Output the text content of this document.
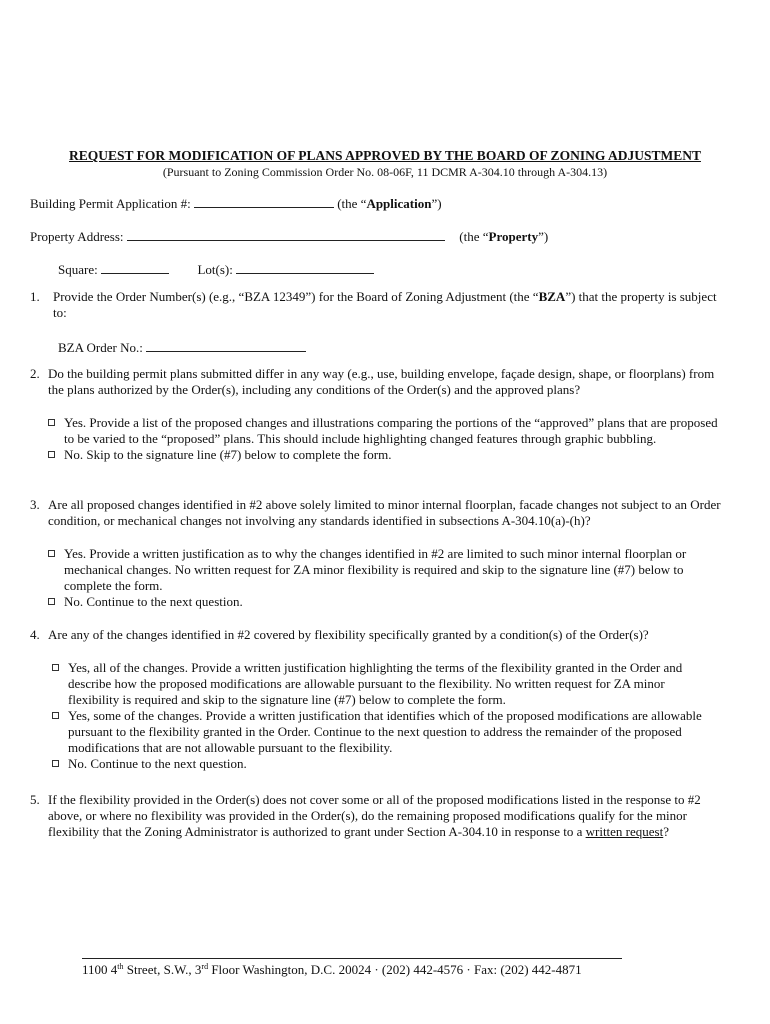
REQUEST FOR MODIFICATION OF PLANS APPROVED BY THE BOARD OF ZONING ADJUSTMENT
(Pursuant to Zoning Commission Order No. 08-06F, 11 DCMR A-304.10 through A-304.13)
Building Permit Application #:	(the “Application”)
Property Address:	(the “Property”)
Square:	Lot(s):
1. Provide the Order Number(s) (e.g., “BZA 12349”) for the Board of Zoning Adjustment (the “BZA”) that the property is subject to:
BZA Order No.:
2. Do the building permit plans submitted differ in any way (e.g., use, building envelope, façade design, shape, or floorplans) from the plans authorized by the Order(s), including any conditions of the Order(s) and the approved plans?
Yes. Provide a list of the proposed changes and illustrations comparing the portions of the “approved” plans that are proposed to be varied to the “proposed” plans. This should include highlighting changed features through graphic bubbling.
No. Skip to the signature line (#7) below to complete the form.
3. Are all proposed changes identified in #2 above solely limited to minor internal floorplan, facade changes not subject to an Order condition, or mechanical changes not involving any standards identified in subsections A-304.10(a)-(h)?
Yes. Provide a written justification as to why the changes identified in #2 are limited to such minor internal floorplan or mechanical changes. No written request for ZA minor flexibility is required and skip to the signature line (#7) below to complete the form.
No. Continue to the next question.
4. Are any of the changes identified in #2 covered by flexibility specifically granted by a condition(s) of the Order(s)?
Yes, all of the changes. Provide a written justification highlighting the terms of the flexibility granted in the Order and describe how the proposed modifications are allowable pursuant to the flexibility. No written request for ZA minor flexibility is required and skip to the signature line (#7) below to complete the form.
Yes, some of the changes. Provide a written justification that identifies which of the proposed modifications are allowable pursuant to the flexibility granted in the Order. Continue to the next question to address the remainder of the proposed modifications that are not allowable pursuant to the flexibility.
No. Continue to the next question.
5. If the flexibility provided in the Order(s) does not cover some or all of the proposed modifications listed in the response to #2 above, or where no flexibility was provided in the Order(s), do the remaining proposed modifications qualify for the minor flexibility that the Zoning Administrator is authorized to grant under Section A-304.10 in response to a written request?
1100 4th Street, S.W., 3rd Floor Washington, D.C. 20024 · (202) 442-4576 · Fax: (202) 442-4871
